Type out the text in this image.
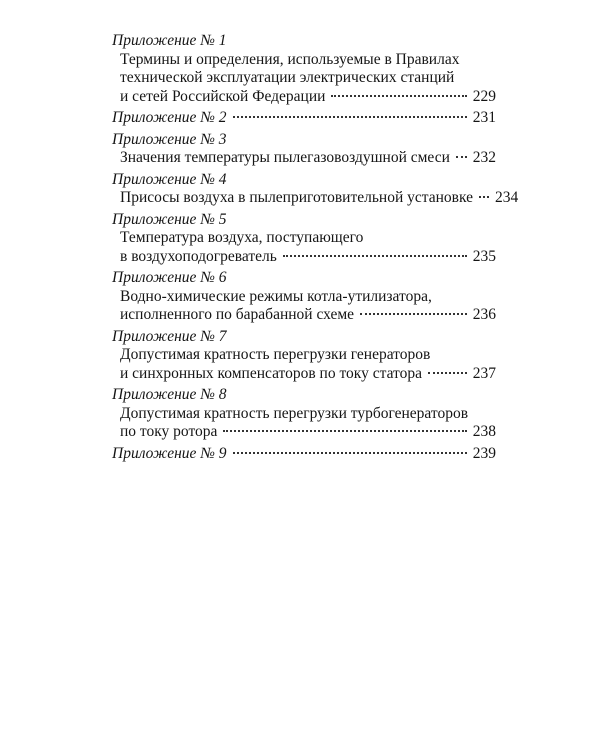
Приложение № 1
Термины и определения, используемые в Правилах
технической эксплуатации электрических станций
и сетей Российской Федерации	229
Приложение № 2	231
Приложение № 3
Значения температуры пылегазовоздушной смеси 232
Приложение № 4
Присосы воздуха в пылеприготовительной установке 234
Приложение № 5
Температура воздуха, поступающего
в воздухоподогреватель	235
Приложение № 6
Водно-химические режимы котла-утилизатора,
исполненного по барабанной схеме	236
Приложение № 7
Допустимая кратность перегрузки генераторов
и синхронных компенсаторов по току статора	237
Приложение № 8
Допустимая кратность перегрузки турбогенераторов
по току ротора	238
Приложение № 9	239
